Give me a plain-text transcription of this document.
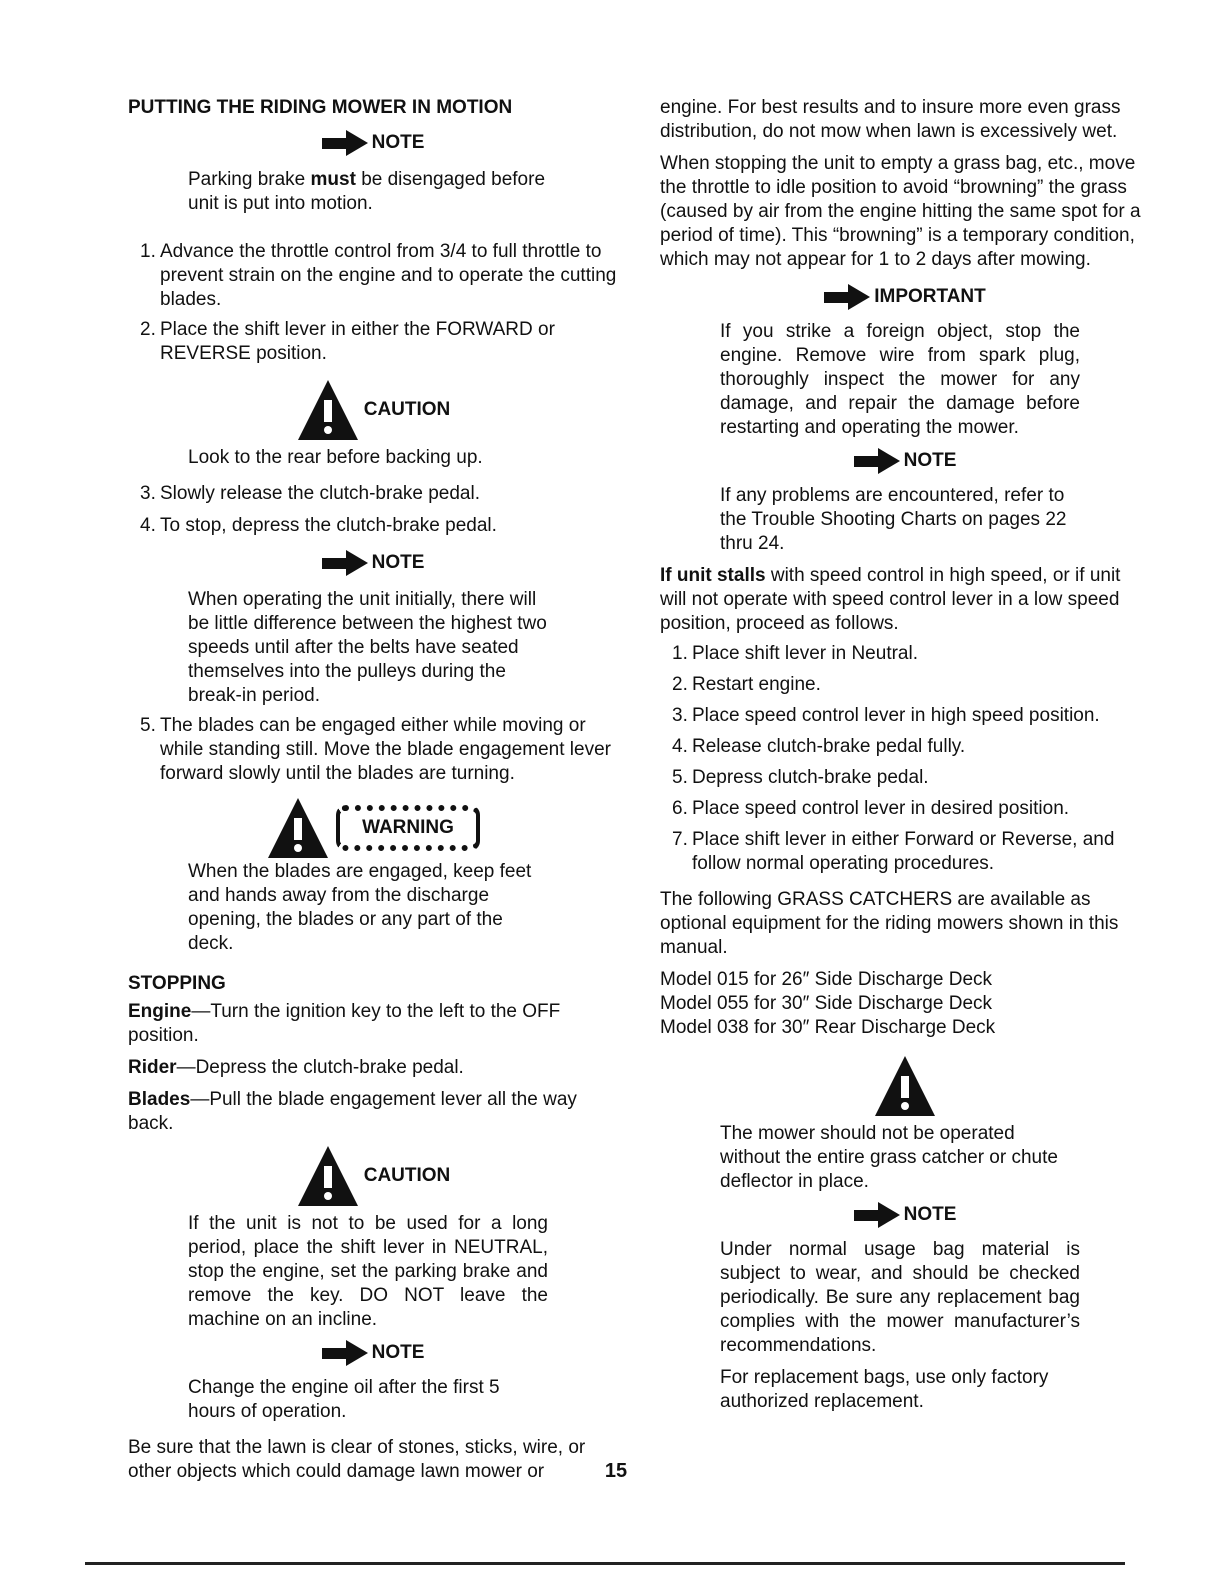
PUTTING THE RIDING MOWER IN MOTION

NOTE

Parking brake must be disengaged before unit is put into motion.

1. Advance the throttle control from 3/4 to full throttle to prevent strain on the engine and to operate the cutting blades.
2. Place the shift lever in either the FORWARD or REVERSE position.
CAUTION

Look to the rear before backing up.

3. Slowly release the clutch-brake pedal.
4. To stop, depress the clutch-brake pedal.
NOTE

When operating the unit initially, there will be little difference between the highest two speeds until after the belts have seated themselves into the pulleys during the break-in period.

5. The blades can be engaged either while moving or while standing still. Move the blade engagement lever forward slowly until the blades are turning.
WARNING

When the blades are engaged, keep feet and hands away from the discharge opening, the blades or any part of the deck.

STOPPING

Engine—Turn the ignition key to the left to the OFF position.

Rider—Depress the clutch-brake pedal.

Blades—Pull the blade engagement lever all the way back.

CAUTION

If the unit is not to be used for a long period, place the shift lever in NEUTRAL, stop the engine, set the parking brake and remove the key. DO NOT leave the machine on an incline.

NOTE

Change the engine oil after the first 5 hours of operation.

Be sure that the lawn is clear of stones, sticks, wire, or other objects which could damage lawn mower or

engine. For best results and to insure more even grass distribution, do not mow when lawn is excessively wet.

When stopping the unit to empty a grass bag, etc., move the throttle to idle position to avoid “browning” the grass (caused by air from the engine hitting the same spot for a period of time). This “browning” is a temporary condition, which may not appear for 1 to 2 days after mowing.

IMPORTANT

If you strike a foreign object, stop the engine. Remove wire from spark plug, thoroughly inspect the mower for any damage, and repair the damage before restarting and operating the mower.

NOTE

If any problems are encountered, refer to the Trouble Shooting Charts on pages 22 thru 24.

If unit stalls with speed control in high speed, or if unit will not operate with speed control lever in a low speed position, proceed as follows.

1. Place shift lever in Neutral.
2. Restart engine.
3. Place speed control lever in high speed position.
4. Release clutch-brake pedal fully.
5. Depress clutch-brake pedal.
6. Place speed control lever in desired position.
7. Place shift lever in either Forward or Reverse, and follow normal operating procedures.

The following GRASS CATCHERS are available as optional equipment for the riding mowers shown in this manual.

Model 015 for 26″ Side Discharge Deck

Model 055 for 30″ Side Discharge Deck

Model 038 for 30″ Rear Discharge Deck

The mower should not be operated without the entire grass catcher or chute deflector in place.

NOTE

Under normal usage bag material is subject to wear, and should be checked periodically. Be sure any replacement bag complies with the mower manufacturer’s recommendations.

For replacement bags, use only factory authorized replacement.

15
